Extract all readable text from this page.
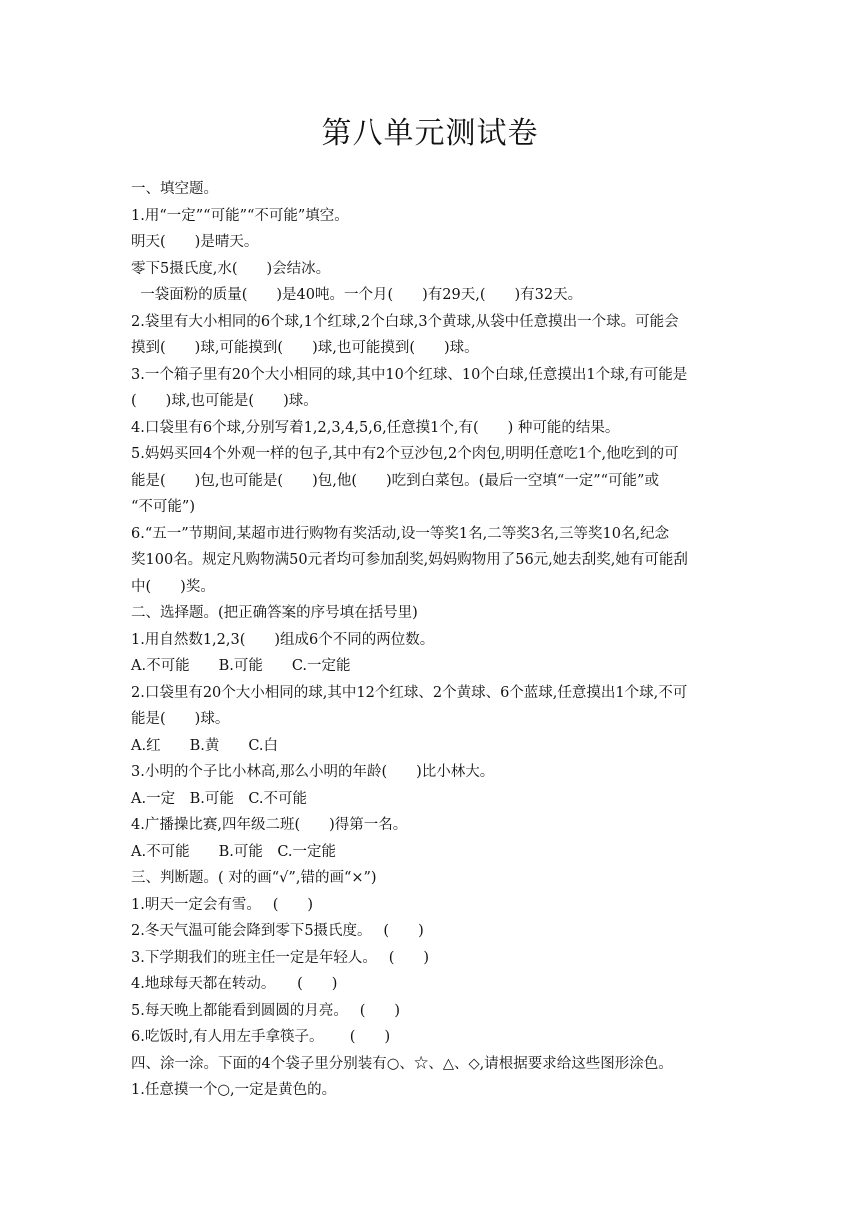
第八单元测试卷
一、填空题。
1.用“一定”“可能”“不可能”填空。
明天(　　)是晴天。
零下5摄氏度,水(　　)会结冰。
一袋面粉的质量(　　)是40吨。一个月(　　)有29天,(　　)有32天。
2.袋里有大小相同的6个球,1个红球,2个白球,3个黄球,从袋中任意摸出一个球。可能会
摸到(　　)球,可能摸到(　　)球,也可能摸到(　　)球。
3.一个箱子里有20个大小相同的球,其中10个红球、10个白球,任意摸出1个球,有可能是
(　　)球,也可能是(　　)球。
4.口袋里有6个球,分别写着1,2,3,4,5,6,任意摸1个,有(　　) 种可能的结果。
5.妈妈买回4个外观一样的包子,其中有2个豆沙包,2个肉包,明明任意吃1个,他吃到的可
能是(　　)包,也可能是(　　)包,他(　　)吃到白菜包。(最后一空填“一定”“可能”或
“不可能”)
6.“五一”节期间,某超市进行购物有奖活动,设一等奖1名,二等奖3名,三等奖10名,纪念
奖100名。规定凡购物满50元者均可参加刮奖,妈妈购物用了56元,她去刮奖,她有可能刮
中(　　)奖。
二、选择题。(把正确答案的序号填在括号里)
1.用自然数1,2,3(　　)组成6个不同的两位数。
A.不可能　　B.可能　　C.一定能
2.口袋里有20个大小相同的球,其中12个红球、2个黄球、6个蓝球,任意摸出1个球,不可
能是(　　)球。
A.红　　B.黄　　C.白
3.小明的个子比小林高,那么小明的年龄(　　)比小林大。
A.一定　B.可能　C.不可能
4.广播操比赛,四年级二班(　　)得第一名。
A.不可能　　B.可能　C.一定能
三、判断题。( 对的画“√”,错的画“×”)
1.明天一定会有雪。　 (　　)
2.冬天气温可能会降到零下5摄氏度。　 (　　)
3.下学期我们的班主任一定是年轻人。　 (　　)
4.地球每天都在转动。　　(　　)
5.每天晚上都能看到圆圆的月亮。　 (　　)
6.吃饭时,有人用左手拿筷子。　　 (　　)
四、涂一涂。下面的4个袋子里分别装有○、☆、△、◇,请根据要求给这些图形涂色。
1.任意摸一个○,一定是黄色的。
